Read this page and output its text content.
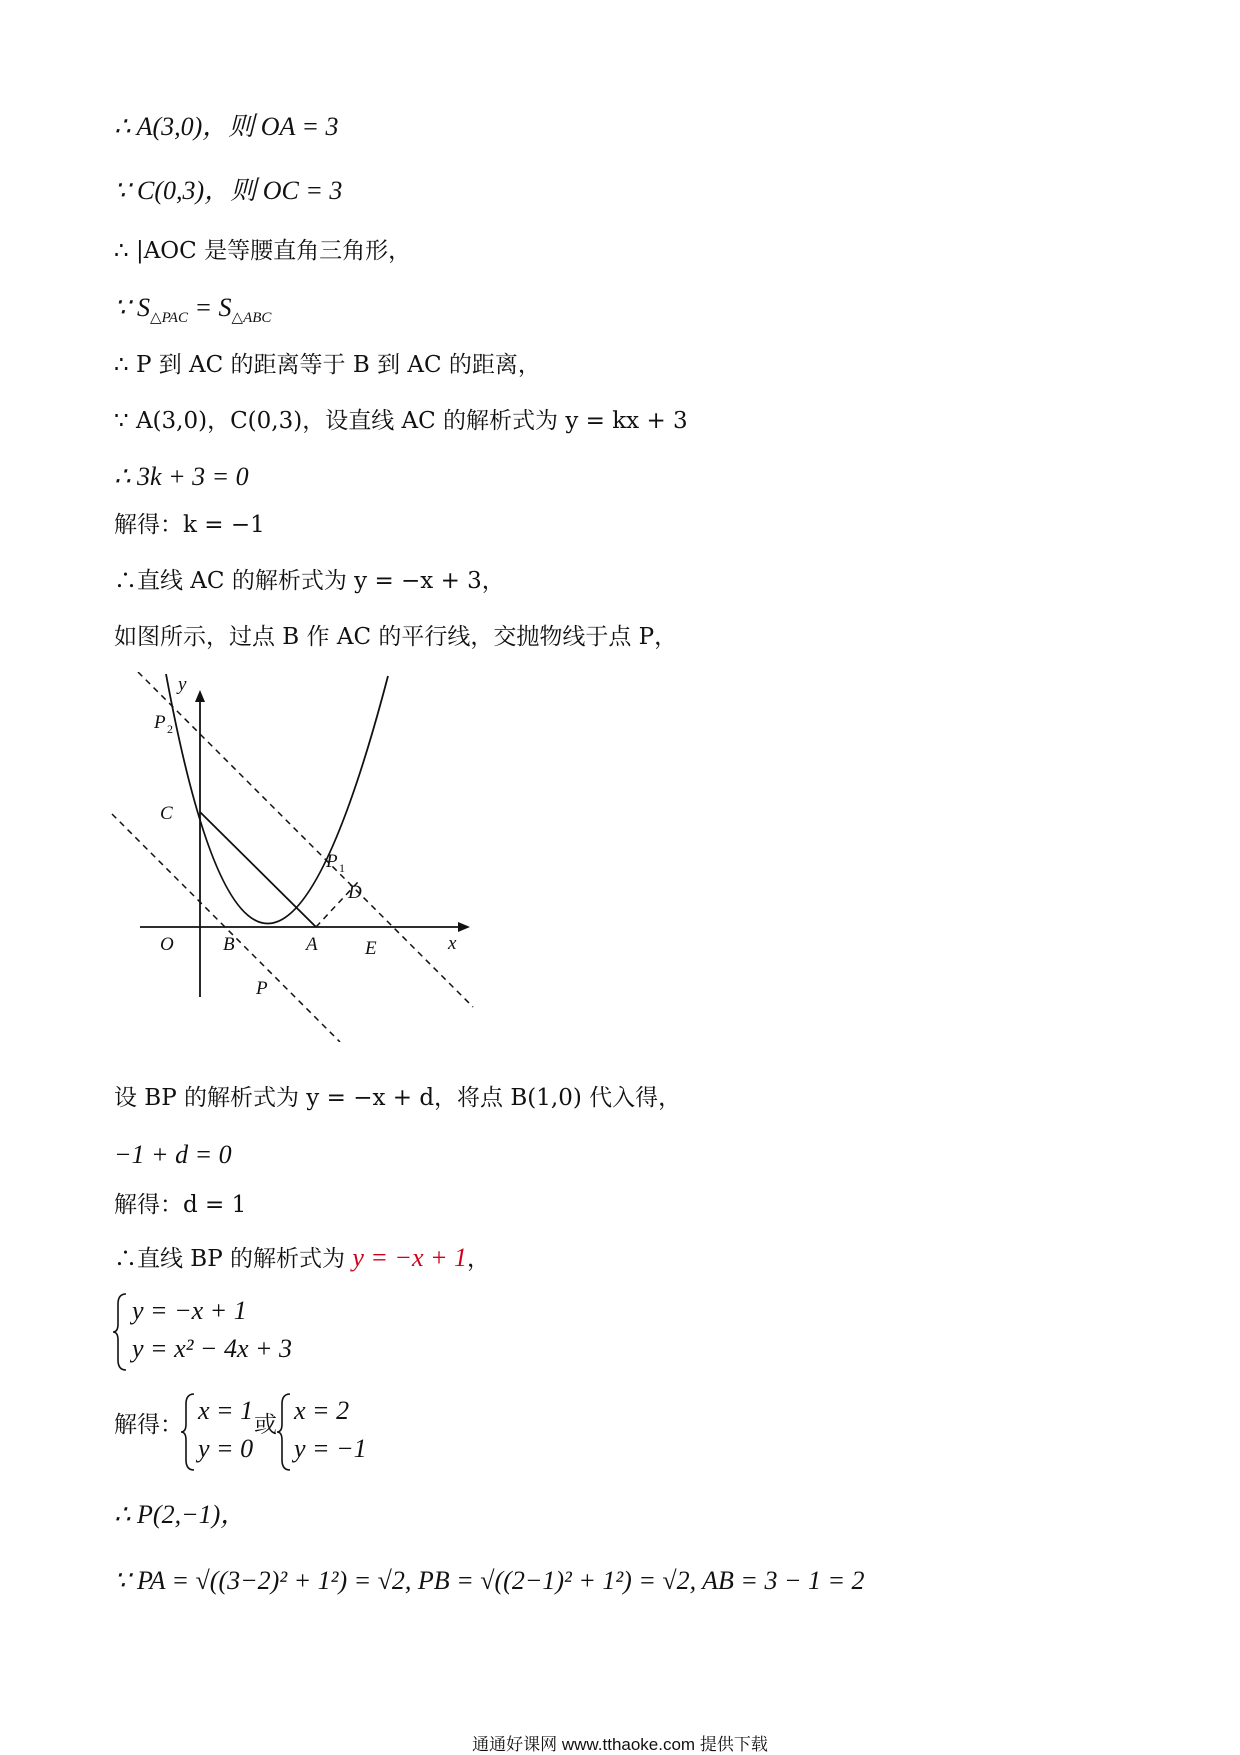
∴ A(3,0)，则 OA = 3
∵ C(0,3)，则 OC = 3
∴ |AOC 是等腰直角三角形，
∵ $S_{\triangle PAC} = S_{\triangle ABC}$
∴ P 到 AC 的距离等于 B 到 AC 的距离，
∵ A(3,0)，C(0,3)，设直线 AC 的解析式为 y = kx + 3
∴ 3k + 3 = 0
解得：k = −1
∴直线 AC 的解析式为 y = −x + 3，
如图所示，过点 B 作 AC 的平行线，交抛物线于点 P，
y
x
O	B	A E
C
P
P 1
P 2
D
设 BP 的解析式为 y = −x + d，将点 B(1,0) 代入得，
−1 + d = 0
解得：d = 1
∴直线 BP 的解析式为 y = −x + 1，
y = −x + 1
y = x² − 4x + 3
解得： x = 1
y = 0
或 x = 2
y = −1
∴ P(2,−1)，
∵ PA = √((3−2)² + 1²) = √2, PB = √((2−1)² + 1²) = √2, AB = 3 − 1 = 2
通通好课网 www.tthaoke.com 提供下载
